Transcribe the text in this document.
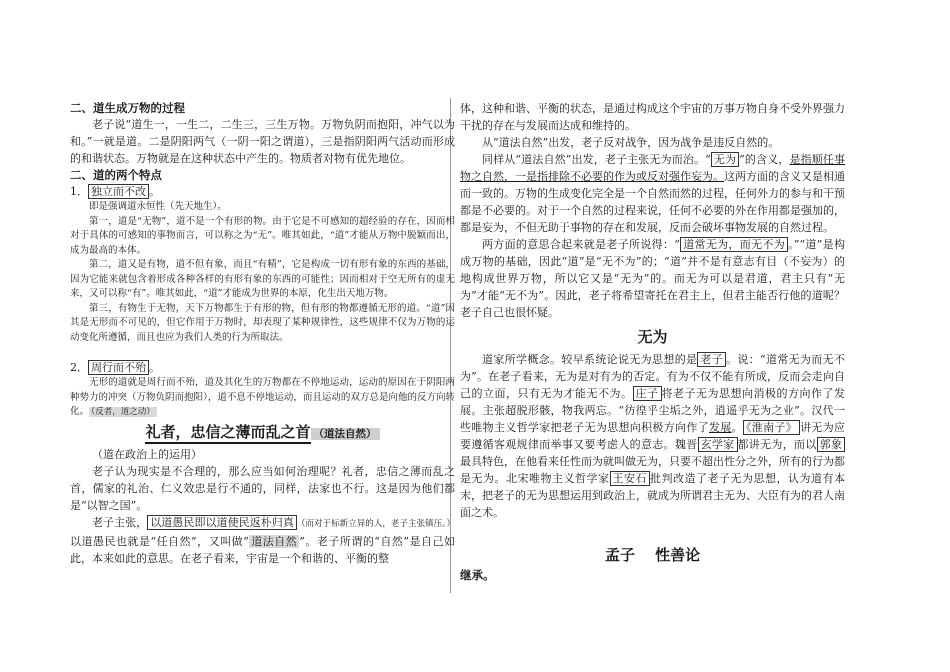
二、道生成万物的过程

老子说“道生一，一生二，二生三，三生万物。万物负阴而抱阳，冲气以为和。”一就是道。二是阴阳两气（一阴一阳之谓道），三是指阴阳两气活动而形成的和谐状态。万物就是在这种状态中产生的。物质者对物有优先地位。

二、道的两个特点

1． 独立而不改 。

即是强调道永恒性（先天地生）。

第一，道是“无物”，道不是一个有形的物。由于它是不可感知的超经验的存在，因而相对于具体的可感知的事物而言，可以称之为“无”。唯其如此，“道”才能从万物中脱颖而出，成为最高的本体。

第二，道又是有物，道不但有象，而且“有精”，它是构成一切有形有象的东西的基础，因为它能来就包含着形成各种各样的有形有象的东西的可能性；因而相对于空无所有的虚无来，又可以称“有”。唯其如此，“道”才能成为世界的本原，化生出天地万物。

第三，有物生于无物，天下万物都生于有形的物，但有形的物都遵循无形的道。“道”因其是无形而不可见的，但它作用于万物时，却表现了某种规律性，这些规律不仅为万物的运动变化所遵循，而且也应为我们人类的行为所取法。

2． 周行而不殆 。

无形的道就是周行而不殆，道及其化生的万物都在不停地运动，运动的原因在于阴阳两种势力的冲突（万物负阴而抱阳），道不息不停地运动，而且运动的双方总是向他的反方向转化。 （反者，道之动）

礼者，忠信之薄而乱之首 （道法自然）

（道在政治上的运用）

老子认为现实是不合理的，那么应当如何治理呢？礼者，忠信之薄而乱之首，儒家的礼治、仁义效忠是行不通的，同样，法家也不行。这是因为他们都是“以智之国”。

老子主张， 以道愚民即以道使民返朴归真 （而对于标新立异的人，老子主张镇压。）以道愚民也就是“任自然”，又叫做“ 道法自然 ”。老子所谓的“自然”是自己如此，本来如此的意思。在老子看来，宇宙是一个和谐的、平衡的整

体，这种和谐、平衡的状态，是通过构成这个宇宙的万事万物自身不受外界强力干扰的存在与发展而达成和维持的。

从“道法自然”出发，老子反对战争，因为战争是违反自然的。

同样从“道法自然”出发，老子主张无为而治。“ 无为 ”的含义，是指顺任事物之自然，一是指排除不必要的作为或反对强作妄为。这两方面的含义又是相通而一致的。万物的生成变化完全是一个自然而然的过程，任何外力的参与和干预都是不必要的。对于一个自然的过程来说，任何不必要的外在作用都是强加的，都是妄为，不但无助于事物的存在和发展，反而会破坏事物发展的自然过程。

两方面的意思合起来就是老子所说得：“ 道常无为，而无不为 。”“道”是构成万物的基础，因此“道”是“无不为”的；“道”并不是有意志有目（不妄为）的地构成世界万物，所以它又是“无为”的。而无为可以是君道，君主只有“无为”才能“无不为”。因此，老子将希望寄托在君主上，但君主能否行他的道呢？老子自己也很怀疑。

无为

道家所学概念。较早系统论说无为思想的是 老子 。说：“道常无为而无不为”。在老子看来，无为是对有为的否定。有为不仅不能有所成，反而会走向自己的立面，只有无为才能无不为。 庄子 将老子无为思想向消极的方向作了发展。主张超脱形骸，物我两忘。“彷徨乎尘垢之外，逍遥乎无为之业”。汉代一些唯物主义哲学家把老子无为思想向积极方向作了发展。 《淮南子》 讲无为应要遵循客观规律而举事又要考虑人的意志。魏晋 玄学家 都讲无为，而以 郭象最具特色，在他看来任性而为就叫做无为，只要不超出性分之外，所有的行为都是无为。北宋唯物主义哲学家 王安石 批判改造了老子无为思想，认为道有本末，把老子的无为思想运用到政治上，就成为所谓君主无为、大臣有为的君人南面之术。

孟子　 性善论

继承。
